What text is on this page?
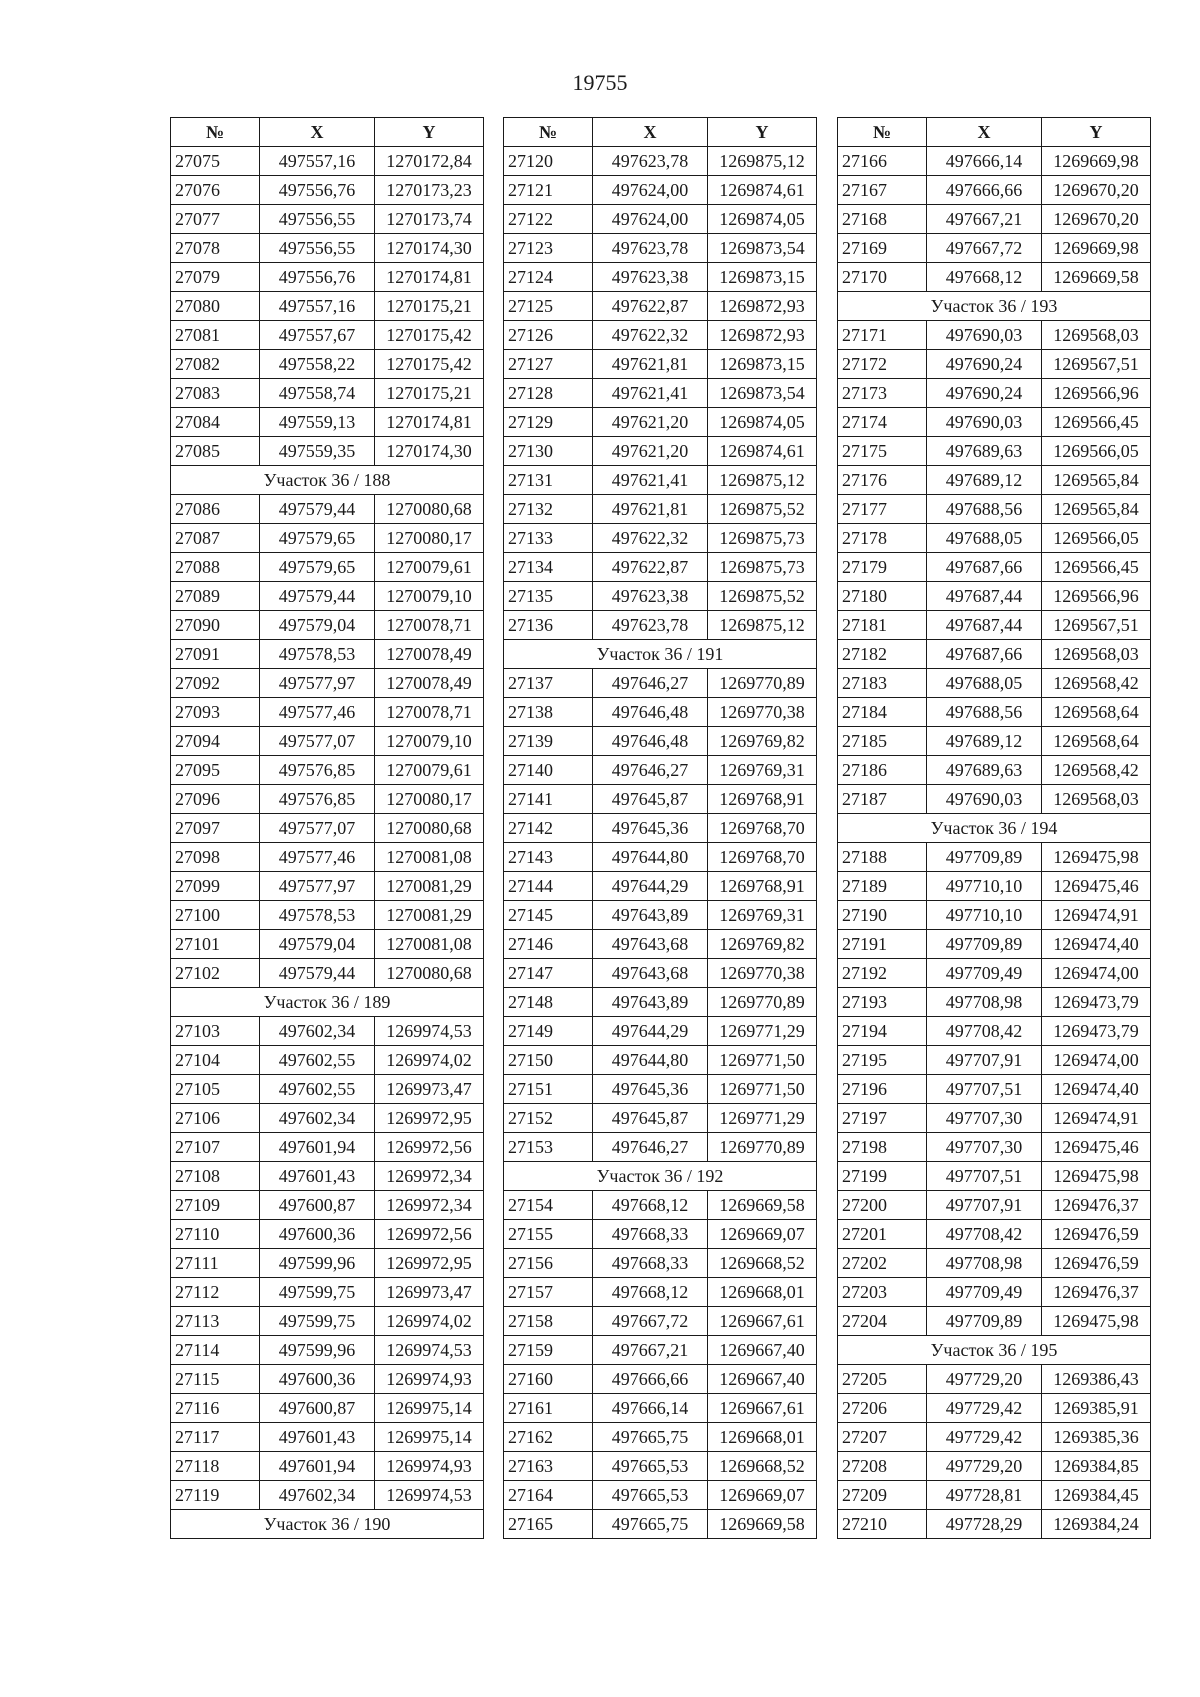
19755
№	X	Y
27075	497557,16	1270172,84
27076	497556,76	1270173,23
27077	497556,55	1270173,74
27078	497556,55	1270174,30
27079	497556,76	1270174,81
27080	497557,16	1270175,21
27081	497557,67	1270175,42
27082	497558,22	1270175,42
27083	497558,74	1270175,21
27084	497559,13	1270174,81
27085	497559,35	1270174,30
Участок 36 / 188		
27086	497579,44	1270080,68
27087	497579,65	1270080,17
27088	497579,65	1270079,61
27089	497579,44	1270079,10
27090	497579,04	1270078,71
27091	497578,53	1270078,49
27092	497577,97	1270078,49
27093	497577,46	1270078,71
27094	497577,07	1270079,10
27095	497576,85	1270079,61
27096	497576,85	1270080,17
27097	497577,07	1270080,68
27098	497577,46	1270081,08
27099	497577,97	1270081,29
27100	497578,53	1270081,29
27101	497579,04	1270081,08
27102	497579,44	1270080,68
Участок 36 / 189		
27103	497602,34	1269974,53
27104	497602,55	1269974,02
27105	497602,55	1269973,47
27106	497602,34	1269972,95
27107	497601,94	1269972,56
27108	497601,43	1269972,34
27109	497600,87	1269972,34
27110	497600,36	1269972,56
27111	497599,96	1269972,95
27112	497599,75	1269973,47
27113	497599,75	1269974,02
27114	497599,96	1269974,53
27115	497600,36	1269974,93
27116	497600,87	1269975,14
27117	497601,43	1269975,14
27118	497601,94	1269974,93
27119	497602,34	1269974,53
Участок 36 / 190		
№	X	Y
27120	497623,78	1269875,12
27121	497624,00	1269874,61
27122	497624,00	1269874,05
27123	497623,78	1269873,54
27124	497623,38	1269873,15
27125	497622,87	1269872,93
27126	497622,32	1269872,93
27127	497621,81	1269873,15
27128	497621,41	1269873,54
27129	497621,20	1269874,05
27130	497621,20	1269874,61
27131	497621,41	1269875,12
27132	497621,81	1269875,52
27133	497622,32	1269875,73
27134	497622,87	1269875,73
27135	497623,38	1269875,52
27136	497623,78	1269875,12
Участок 36 / 191		
27137	497646,27	1269770,89
27138	497646,48	1269770,38
27139	497646,48	1269769,82
27140	497646,27	1269769,31
27141	497645,87	1269768,91
27142	497645,36	1269768,70
27143	497644,80	1269768,70
27144	497644,29	1269768,91
27145	497643,89	1269769,31
27146	497643,68	1269769,82
27147	497643,68	1269770,38
27148	497643,89	1269770,89
27149	497644,29	1269771,29
27150	497644,80	1269771,50
27151	497645,36	1269771,50
27152	497645,87	1269771,29
27153	497646,27	1269770,89
Участок 36 / 192		
27154	497668,12	1269669,58
27155	497668,33	1269669,07
27156	497668,33	1269668,52
27157	497668,12	1269668,01
27158	497667,72	1269667,61
27159	497667,21	1269667,40
27160	497666,66	1269667,40
27161	497666,14	1269667,61
27162	497665,75	1269668,01
27163	497665,53	1269668,52
27164	497665,53	1269669,07
27165	497665,75	1269669,58
№	X	Y
27166	497666,14	1269669,98
27167	497666,66	1269670,20
27168	497667,21	1269670,20
27169	497667,72	1269669,98
27170	497668,12	1269669,58
Участок 36 / 193		
27171	497690,03	1269568,03
27172	497690,24	1269567,51
27173	497690,24	1269566,96
27174	497690,03	1269566,45
27175	497689,63	1269566,05
27176	497689,12	1269565,84
27177	497688,56	1269565,84
27178	497688,05	1269566,05
27179	497687,66	1269566,45
27180	497687,44	1269566,96
27181	497687,44	1269567,51
27182	497687,66	1269568,03
27183	497688,05	1269568,42
27184	497688,56	1269568,64
27185	497689,12	1269568,64
27186	497689,63	1269568,42
27187	497690,03	1269568,03
Участок 36 / 194		
27188	497709,89	1269475,98
27189	497710,10	1269475,46
27190	497710,10	1269474,91
27191	497709,89	1269474,40
27192	497709,49	1269474,00
27193	497708,98	1269473,79
27194	497708,42	1269473,79
27195	497707,91	1269474,00
27196	497707,51	1269474,40
27197	497707,30	1269474,91
27198	497707,30	1269475,46
27199	497707,51	1269475,98
27200	497707,91	1269476,37
27201	497708,42	1269476,59
27202	497708,98	1269476,59
27203	497709,49	1269476,37
27204	497709,89	1269475,98
Участок 36 / 195		
27205	497729,20	1269386,43
27206	497729,42	1269385,91
27207	497729,42	1269385,36
27208	497729,20	1269384,85
27209	497728,81	1269384,45
27210	497728,29	1269384,24
